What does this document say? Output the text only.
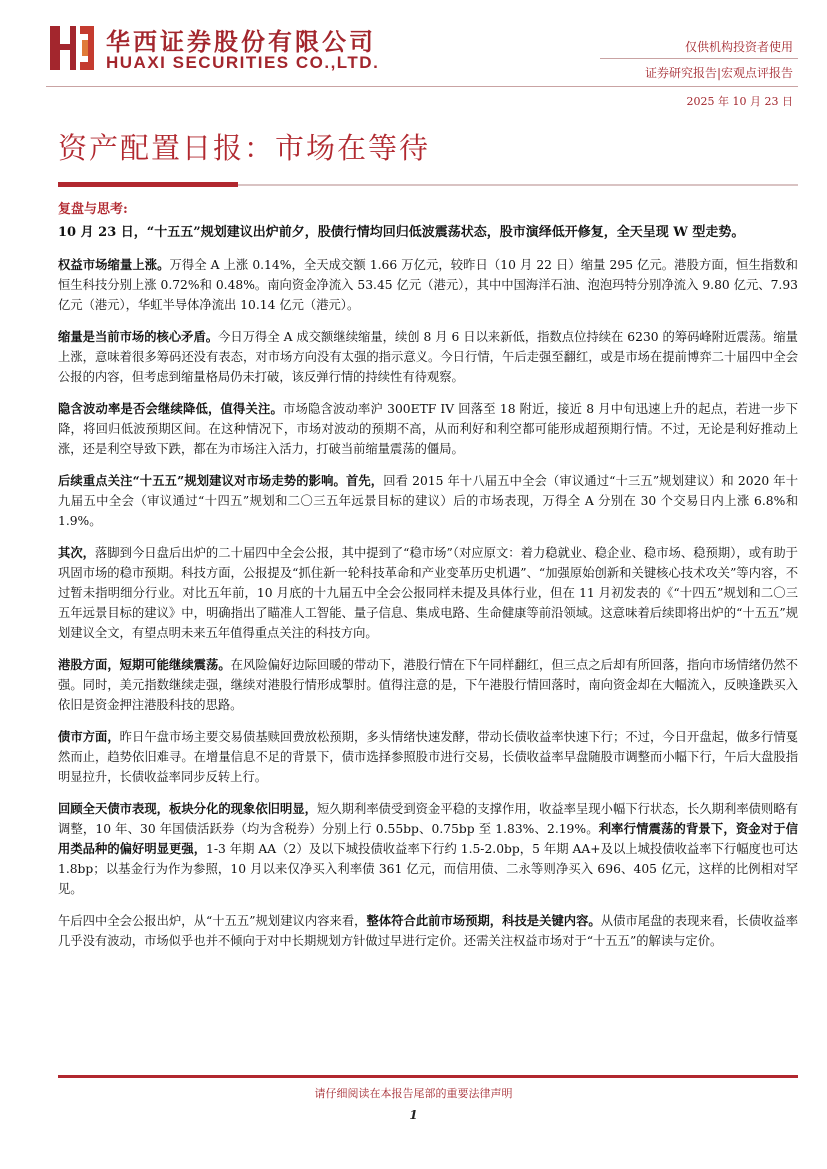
华西证券股份有限公司
HUAXI SECURITIES CO.,LTD.
仅供机构投资者使用
证券研究报告|宏观点评报告
2025 年 10 月 23 日
资产配置日报：市场在等待
复盘与思考:

10 月 23 日，“十五五”规划建议出炉前夕，股债行情均回归低波震荡状态，股市演绎低开修复，全天呈现 W 型走势。

权益市场缩量上涨。万得全 A 上涨 0.14%，全天成交额 1.66 万亿元，较昨日（10 月 22 日）缩量 295 亿元。港股方面，恒生指数和恒生科技分别上涨 0.72%和 0.48%。南向资金净流入 53.45 亿元（港元），其中中国海洋石油、泡泡玛特分别净流入 9.80 亿元、7.93 亿元（港元），华虹半导体净流出 10.14 亿元（港元）。

缩量是当前市场的核心矛盾。今日万得全 A 成交额继续缩量，续创 8 月 6 日以来新低，指数点位持续在 6230 的筹码峰附近震荡。缩量上涨，意味着很多筹码还没有表态，对市场方向没有太强的指示意义。今日行情，午后走强至翻红，或是市场在提前博弈二十届四中全会公报的内容，但考虑到缩量格局仍未打破，该反弹行情的持续性有待观察。

隐含波动率是否会继续降低，值得关注。市场隐含波动率沪 300ETF IV 回落至 18 附近，接近 8 月中旬迅速上升的起点，若进一步下降，将回归低波预期区间。在这种情况下，市场对波动的预期不高，从而利好和利空都可能形成超预期行情。不过，无论是利好推动上涨，还是利空导致下跌，都在为市场注入活力，打破当前缩量震荡的僵局。

后续重点关注“十五五”规划建议对市场走势的影响。首先，回看 2015 年十八届五中全会（审议通过“十三五”规划建议）和 2020 年十九届五中全会（审议通过“十四五”规划和二〇三五年远景目标的建议）后的市场表现，万得全 A 分别在 30 个交易日内上涨 6.8%和 1.9%。

其次，落脚到今日盘后出炉的二十届四中全会公报，其中提到了“稳市场”（对应原文：着力稳就业、稳企业、稳市场、稳预期），或有助于巩固市场的稳市预期。科技方面，公报提及“抓住新一轮科技革命和产业变革历史机遇”、“加强原始创新和关键核心技术攻关”等内容，不过暂未指明细分行业。对比五年前，10 月底的十九届五中全会公报同样未提及具体行业，但在 11 月初发表的《“十四五”规划和二〇三五年远景目标的建议》中，明确指出了瞄准人工智能、量子信息、集成电路、生命健康等前沿领域。这意味着后续即将出炉的“十五五”规划建议全文，有望点明未来五年值得重点关注的科技方向。

港股方面，短期可能继续震荡。在风险偏好边际回暖的带动下，港股行情在下午同样翻红，但三点之后却有所回落，指向市场情绪仍然不强。同时，美元指数继续走强，继续对港股行情形成掣肘。值得注意的是，下午港股行情回落时，南向资金却在大幅流入，反映逢跌买入依旧是资金押注港股科技的思路。

债市方面，昨日午盘市场主要交易债基赎回费放松预期，多头情绪快速发酵，带动长债收益率快速下行；不过，今日开盘起，做多行情戛然而止，趋势依旧难寻。在增量信息不足的背景下，债市选择参照股市进行交易，长债收益率早盘随股市调整而小幅下行，午后大盘股指明显拉升，长债收益率同步反转上行。

回顾全天债市表现，板块分化的现象依旧明显，短久期利率债受到资金平稳的支撑作用，收益率呈现小幅下行状态，长久期利率债则略有调整，10 年、30 年国债活跃券（均为含税券）分别上行 0.55bp、0.75bp 至 1.83%、2.19%。利率行情震荡的背景下，资金对于信用类品种的偏好明显更强，1-3 年期 AA（2）及以下城投债收益率下行约 1.5-2.0bp，5 年期 AA+及以上城投债收益率下行幅度也可达 1.8bp；以基金行为作为参照，10 月以来仅净买入利率债 361 亿元，而信用债、二永等则净买入 696、405 亿元，这样的比例相对罕见。

午后四中全会公报出炉，从“十五五”规划建议内容来看，整体符合此前市场预期，科技是关键内容。从债市尾盘的表现来看，长债收益率几乎没有波动，市场似乎也并不倾向于对中长期规划方针做过早进行定价。还需关注权益市场对于“十五五”的解读与定价。

请仔细阅读在本报告尾部的重要法律声明
1
